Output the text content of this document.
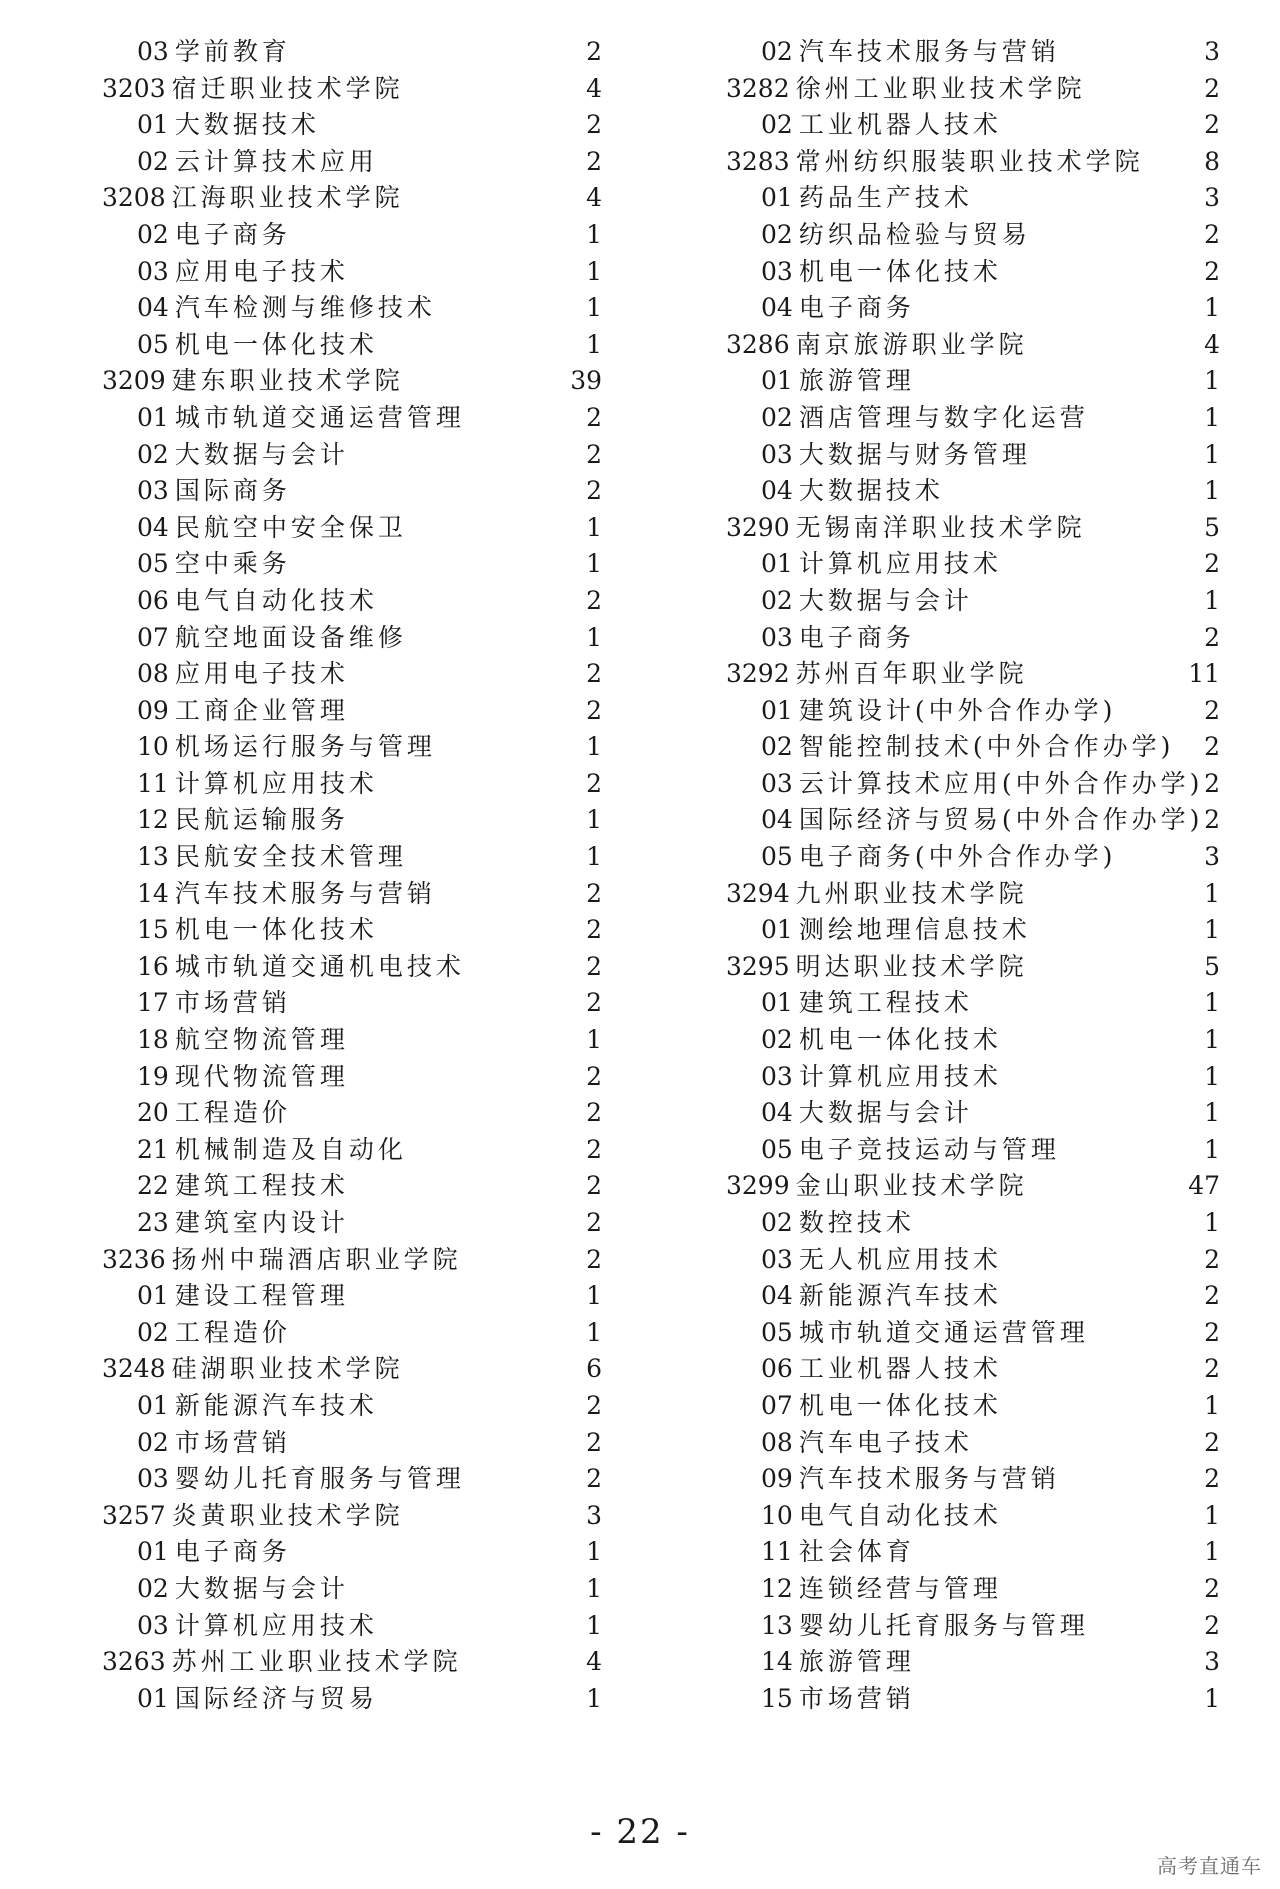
03 学前教育	2
3203 宿迁职业技术学院	4
01 大数据技术	2
02 云计算技术应用	2
3208 江海职业技术学院	4
02 电子商务	1
03 应用电子技术	1
04 汽车检测与维修技术	1
05 机电一体化技术	1
3209 建东职业技术学院	39
01 城市轨道交通运营管理	2
02 大数据与会计	2
03 国际商务	2
04 民航空中安全保卫	1
05 空中乘务	1
06 电气自动化技术	2
07 航空地面设备维修	1
08 应用电子技术	2
09 工商企业管理	2
10 机场运行服务与管理	1
11 计算机应用技术	2
12 民航运输服务	1
13 民航安全技术管理	1
14 汽车技术服务与营销	2
15 机电一体化技术	2
16 城市轨道交通机电技术	2
17 市场营销	2
18 航空物流管理	1
19 现代物流管理	2
20 工程造价	2
21 机械制造及自动化	2
22 建筑工程技术	2
23 建筑室内设计	2
3236 扬州中瑞酒店职业学院	2
01 建设工程管理	1
02 工程造价	1
3248 硅湖职业技术学院	6
01 新能源汽车技术	2
02 市场营销	2
03 婴幼儿托育服务与管理	2
3257 炎黄职业技术学院	3
01 电子商务	1
02 大数据与会计	1
03 计算机应用技术	1
3263 苏州工业职业技术学院	4
01 国际经济与贸易	1
02 汽车技术服务与营销	3
3282 徐州工业职业技术学院	2
02 工业机器人技术	2
3283 常州纺织服装职业技术学院 8
01 药品生产技术	3
02 纺织品检验与贸易	2
03 机电一体化技术	2
04 电子商务	1
3286 南京旅游职业学院	4
01 旅游管理	1
02 酒店管理与数字化运营	1
03 大数据与财务管理	1
04 大数据技术	1
3290 无锡南洋职业技术学院	5
01 计算机应用技术	2
02 大数据与会计	1
03 电子商务	2
3292 苏州百年职业学院	11
01 建筑设计(中外合作办学)	2
02 智能控制技术(中外合作办学) 2
03 云计算技术应用(中外合作办学) 2
04 国际经济与贸易(中外合作办学) 2
05 电子商务(中外合作办学)	3
3294 九州职业技术学院	1
01 测绘地理信息技术	1
3295 明达职业技术学院	5
01 建筑工程技术	1
02 机电一体化技术	1
03 计算机应用技术	1
04 大数据与会计	1
05 电子竞技运动与管理	1
3299 金山职业技术学院	47
02 数控技术	1
03 无人机应用技术	2
04 新能源汽车技术	2
05 城市轨道交通运营管理	2
06 工业机器人技术	2
07 机电一体化技术	1
08 汽车电子技术	2
09 汽车技术服务与营销	2
10 电气自动化技术	1
11 社会体育	1
12 连锁经营与管理	2
13 婴幼儿托育服务与管理	2
14 旅游管理	3
15 市场营销	1
- 22 -
高考直通车
